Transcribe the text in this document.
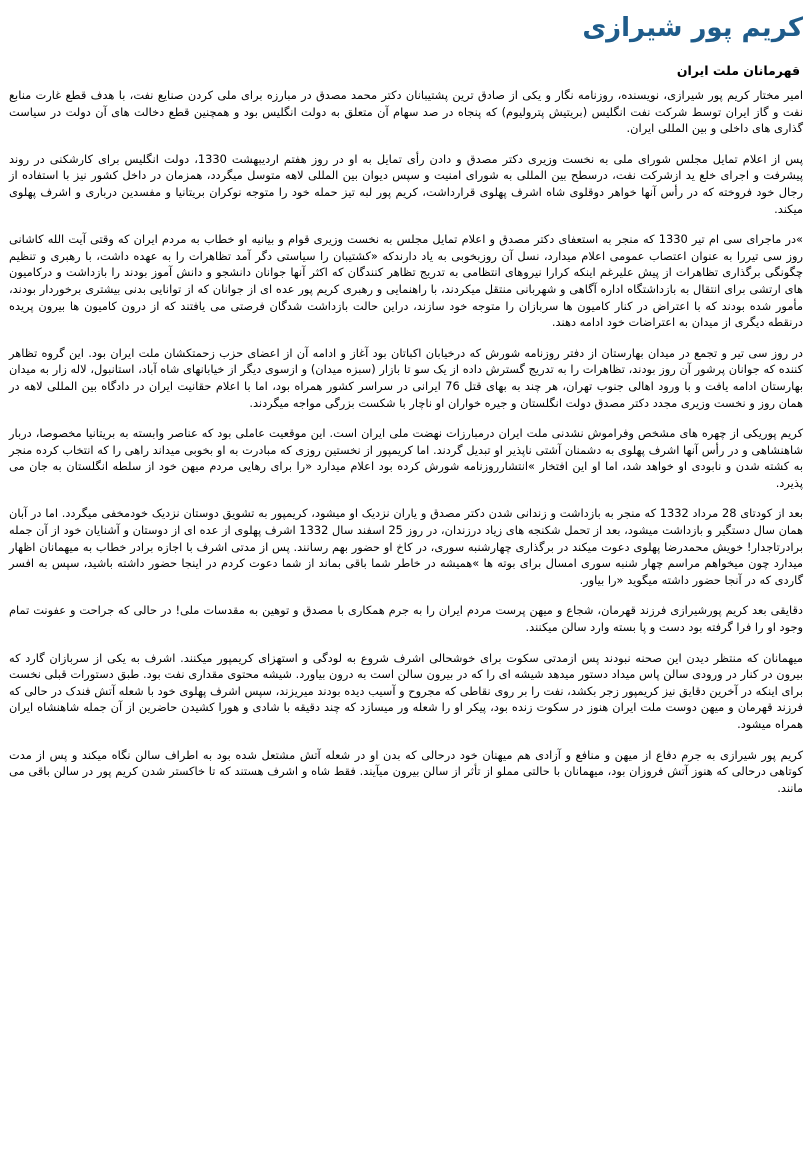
کریم پور شیرازی
قهرمانان ملت ایران

امیر مختار کریم پور شیرازی، نویسنده، روزنامه نگار و یکی از صادق ترین پشتیبانان دکتر محمد مصدق در مبارزه برای ملی کردن صنایع نفت، با هدف قطع غارت منابع نفت و گاز ایران توسط شرکت نفت انگلیس (بریتیش پترولیوم) که پنجاه در صد سهام آن متعلق به دولت انگلیس بود و همچنین قطع دخالت های آن دولت در سیاست گذاری های داخلی و بین المللی ایران.

پس از اعلام تمایل مجلس شورای ملی به نخست وزیری دکتر مصدق و دادن رأی تمایل به او در روز هفتم اردیبهشت 1330، دولت انگلیس برای کارشکنی در روند پیشرفت و اجرای خلع ید ازشرکت نفت، درسطح بین المللی به شورای امنیت و سپس دیوان بین المللی لاهه متوسل میگردد، همزمان در داخل کشور نیز با استفاده از رجال خود فروخته که در رأس آنها خواهر دوقلوی شاه اشرف پهلوی قرارداشت، کریم پور لبه تیز حمله خود را متوجه نوکران بریتانیا و مفسدین درباری و اشرف پهلوی میکند.

»در ماجرای سی ام تیر 1330 که منجر به استعفای دکتر مصدق و اعلام تمایل مجلس به نخست وزیری قوام و بیانیه او خطاب به مردم ایران که وقتی آیت الله کاشانی روز سی تیررا به عنوان اعتصاب عمومی اعلام میدارد، نسل آن روزبخوبی به یاد دارندکه «کشتیبان را سیاستی دگر آمد تظاهرات را به عهده داشت، با رهبری و تنظیم چگونگی برگذاری تظاهرات از پیش علیرغم اینکه کرارا نیروهای انتظامی به تدریج تظاهر کنندگان که اکثر آنها جوانان دانشجو و دانش آموز بودند را بازداشت و درکامیون های ارتشی برای انتقال به بازداشتگاه اداره آگاهی و شهربانی منتقل میکردند، با راهنمایی و رهبری کریم پور عده ای از جوانان که از توانایی بدنی بیشتری برخوردار بودند، مأمور شده بودند که با اعتراض در کنار کامیون ها سربازان را متوجه خود سازند، دراین حالت بازداشت شدگان فرصتی می یافتند که از درون کامیون ها بیرون پریده درنقطه دیگری از میدان به اعتراضات خود ادامه دهند.

در روز سی تیر و تجمع در میدان بهارستان از دفتر روزنامه شورش که درخیابان اکباتان بود آغاز و ادامه آن از اعضای حزب زحمتکشان ملت ایران بود. این گروه تظاهر کننده که جوانان پرشور آن روز بودند، تظاهرات را به تدریج گسترش داده از یک سو تا بازار (سبزه میدان) و ازسوی دیگر از خیابانهای شاه آباد، استانبول، لاله زار به میدان بهارستان ادامه یافت و با ورود اهالی جنوب تهران، هر چند به بهای قتل 76 ایرانی در سراسر کشور همراه بود، اما با اعلام حقانیت ایران در دادگاه بین المللی لاهه در همان روز و نخست وزیری مجدد دکتر مصدق دولت انگلستان و جیره خواران او ناچار با شکست بزرگی مواجه میگردند.

کریم پوریکی از چهره های مشخص وفراموش نشدنی ملت ایران درمبارزات نهضت ملی ایران است. این موقعیت عاملی بود که عناصر وابسته به بریتانیا مخصوصا، دربار شاهنشاهی و در رأس آنها اشرف پهلوی به دشمنان آشتی ناپذیر او تبدیل گردند. اما کریمپور از نخستین روزی که مبادرت به او بخوبی میداند راهی را که انتخاب کرده منجر به کشته شدن و نابودی او خواهد شد، اما او این افتخار »انتشارروزنامه شورش کرده بود اعلام میدارد «را برای رهایی مردم میهن خود از سلطه انگلستان به جان می پذیرد.

بعد از کودتای 28 مرداد 1332 که منجر به بازداشت و زندانی شدن دکتر مصدق و یاران نزدیک او میشود، کریمپور به تشویق دوستان نزدیک خودمخفی میگردد. اما در آبان همان سال دستگیر و بازداشت میشود، بعد از تحمل شکنجه های زیاد درزندان، در روز 25 اسفند سال 1332 اشرف پهلوی از عده ای از دوستان و آشنایان خود از آن جمله برادرتاجدار! خویش محمدرضا پهلوی دعوت میکند در برگذاری چهارشنبه سوری، در کاخ او حضور بهم رسانند. پس از مدتی اشرف با اجازه برادر خطاب به میهمانان اظهار میدارد چون میخواهم مراسم چهار شنبه سوری امسال برای بوته ها »همیشه در خاطر شما باقی بماند از شما دعوت کردم در اینجا حضور داشته باشید، سپس به افسر گاردی که در آنجا حضور داشته میگوید «را بیاور.

دقایقی بعد کریم پورشیرازی فرزند قهرمان، شجاع و میهن پرست مردم ایران را به جرم همکاری با مصدق و توهین به مقدسات ملی! در حالی که جراحت و عفونت تمام وجود او را فرا گرفته بود دست و پا بسته وارد سالن میکنند.

میهمانان که منتظر دیدن این صحنه نبودند پس ازمدتی سکوت برای خوشحالی اشرف شروع به لودگی و استهزای کریمپور میکنند. اشرف به یکی از سربازان گارد که بیرون در کنار در ورودی سالن پاس میداد دستور میدهد شیشه ای را که در بیرون سالن است به درون بیاورد. شیشه محتوی مقداری نفت بود. طبق دستورات قبلی نخست برای اینکه در آخرین دقایق نیز کریمپور زجر بکشد، نفت را بر روی نقاطی که مجروح و آسیب دیده بودند میریزند، سپس اشرف پهلوی خود با شعله آتش فندک در حالی که فرزند قهرمان و میهن دوست ملت ایران هنوز در سکوت زنده بود، پیکر او را شعله ور میسازد که چند دقیقه با شادی و هورا کشیدن حاضرین از آن جمله شاهنشاه ایران همراه میشود.

کریم پور شیرازی به جرم دفاع از میهن و منافع و آزادی هم میهنان خود درحالی که بدن او در شعله آتش مشتعل شده بود به اطراف سالن نگاه میکند و پس از مدت کوتاهی درحالی که هنوز آتش فروزان بود، میهمانان با حالتی مملو از تأثر از سالن بیرون میآیند. فقط شاه و اشرف هستند که تا خاکستر شدن کریم پور در سالن باقی می مانند.
